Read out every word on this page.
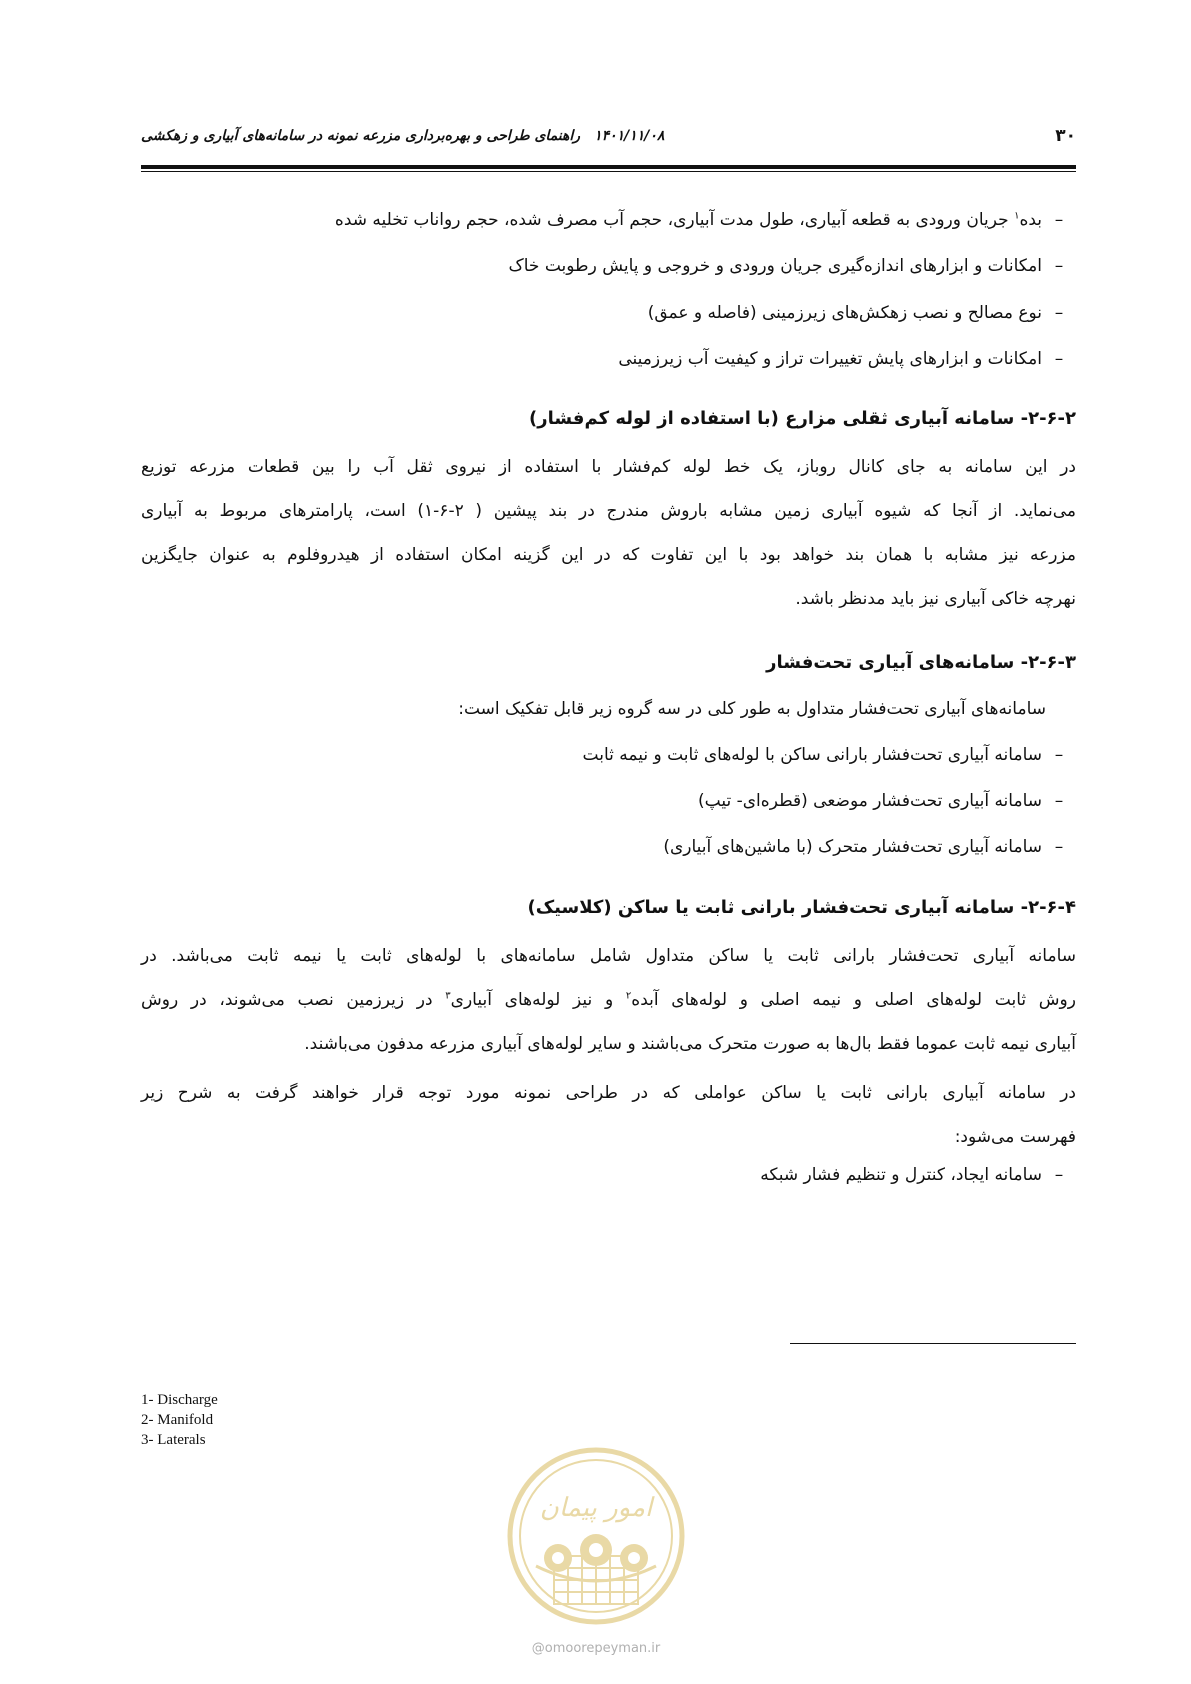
۳۰
۱۴۰۱/۱۱/۰۸راهنمای طراحی و بهره‌برداری مزرعه نمونه در سامانه‌های آبیاری و زهکشی
–بده$^۱$ جریان ورودی به قطعه آبیاری، طول مدت آبیاری، حجم آب مصرف شده، حجم رواناب تخلیه شده
–امکانات و ابزارهای اندازه‌گیری جریان ورودی و خروجی و پایش رطوبت خاک
–نوع مصالح و نصب زهکش‌های زیرزمینی (فاصله و عمق)
–امکانات و ابزارهای پایش تغییرات تراز و کیفیت آب زیرزمینی
۲-۶-۲- سامانه آبیاری ثقلی مزارع (با استفاده از لوله کم‌فشار)
در این سامانه به جای کانال روباز، یک خط لوله کم‌فشار با استفاده از نیروی ثقل آب را بین قطعات مزرعه توزیع
می‌نماید. از آنجا که شیوه آبیاری زمین مشابه باروش مندرج در بند پیشین ( ۲-۶-۱) است، پارامترهای مربوط به آبیاری
مزرعه نیز مشابه با همان بند خواهد بود با این تفاوت که در این گزینه امکان استفاده از هیدروفلوم به عنوان جایگزین
نهرچه خاکی آبیاری نیز باید مدنظر باشد.
۲-۶-۳- سامانه‌های آبیاری تحت‌فشار
سامانه‌های آبیاری تحت‌فشار متداول به طور کلی در سه گروه زیر قابل تفکیک است:
–سامانه آبیاری تحت‌فشار بارانی ساکن با لوله‌های ثابت و نیمه ثابت
–سامانه آبیاری تحت‌فشار موضعی (قطره‌ای- تیپ)
–سامانه آبیاری تحت‌فشار متحرک (با ماشین‌های آبیاری)
۲-۶-۴- سامانه آبیاری تحت‌فشار بارانی ثابت یا ساکن (کلاسیک)
سامانه آبیاری تحت‌فشار بارانی ثابت یا ساکن متداول شامل سامانه‌های با لوله‌های ثابت یا نیمه ثابت می‌باشد. در
روش ثابت لوله‌های اصلی و نیمه اصلی و لوله‌های آبده$^۲$ و نیز لوله‌های آبیاری$^۳$ در زیرزمین نصب می‌شوند، در روش
آبیاری نیمه ثابت عموما فقط بال‌ها به صورت متحرک می‌باشند و سایر لوله‌های آبیاری مزرعه مدفون می‌باشند.
در سامانه آبیاری بارانی ثابت یا ساکن عواملی که در طراحی نمونه مورد توجه قرار خواهند گرفت به شرح زیر
فهرست می‌شود:
–سامانه ایجاد، کنترل و تنظیم فشار شبکه
1- Discharge
2- Manifold
3- Laterals
امور پیمان
@omoorepeyman.ir
